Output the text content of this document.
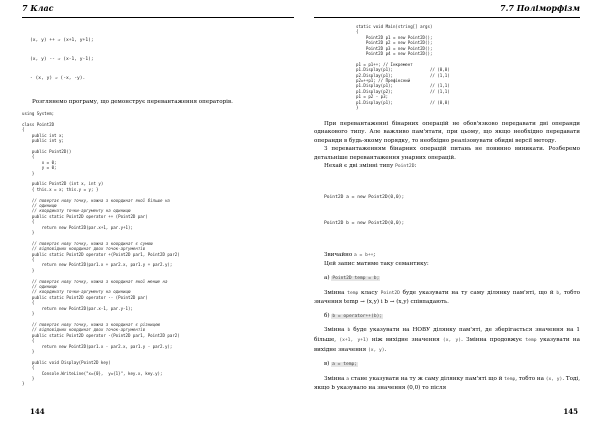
7 Клас

(x, y) ++ ⇒ (x+1, y+1);

(x, y) -- ⇒ (x-1, y-1);

- (x, y) ⇒ (-x, -y).

Розглянемо програму, що демонструє перевантаження операторів.

using System;

class Point2D
{
public int x;
public int y;

public Point2D()
{
x = 0;
y = 0;
}

public Point2D (int x, int y)
{ this.x = x; this.y = y; }

// повертає нову точку, кожна з координат якої більше на
// одиницю
// координату точки-аргументу на одиницю
public static Point2D operator ++ (Point2D par)
{
return new Point2D(par.x+1, par.y+1);
}

// повертає нову точку, кожна з координат є сумою
// відповідних координат двох точок-аргументів
public static Point2D operator +(Point2D par1, Point2D par2)
{
return new Point2D(par1.x + par2.x, par1.y + par2.y);
}

// повертає нову точку, кожна з координат якої менше на
// одиницю
// координату точки-аргументу на одиницю
public static Point2D operator -- (Point2D par)
{
return new Point2D(par.x-1, par.y-1);
}

// повертає нову точку, кожна з координат є різницею
// відповідних координат двох точок-аргументів
public static Point2D operator -(Point2D par1, Point2D par2)
{
return new Point2D(par1.x - par2.x, par1.y - par2.y);
}

public void Display(Point2D key)
{
Console.WriteLine("x={0},  y={1}", key.x, key.y);
}
}
144
7.7 Поліморфізм
static void Main(string[] args)
{
Point2D p1 = new Point2D();
Point2D p2 = new Point2D();
Point2D p3 = new Point2D();
Point2D p4 = new Point2D();

p1 = p1++; // Інкремент
p1.Display(p1);               // (0,0)
p2.Display(p1);               // (1,1)
p2=++p1; // Префіксний
p1.Display(p1);               // (1,1)
p1.Display(p2);               // (1,1)
p1 = p2 - p3;
p1.Display(p1);               // (0,0)
}

При перевантаженні бінарних операцій не обов'язково передавати дві операнди однакового типу. Але важливо пам'ятати, при цьому, що якщо необхідно передавати операнди в будь-якому порядку, то необхідно реалізовувати обидві версії методу.

З перевантаженням бінарних операцій питань не повинно виникати. Розберемо детальніше перевантаження унарних операцій.

Нехай є дві змінні типу Point2D:

Point2D a = new Point2D(0,0);

Point2D b = new Point2D(0,0);

Звичайно a = b++;

Цей запис матиме таку семантику:

а) Point2D temp = b;

Змінна temp класу Point2D буде указувати на ту саму ділянку пам'яті, що й b, тобто значення temp → (x,y) і b → (x,y) співпадають.

б) b = operator++(b);

Змінна b буде указувати на НОВУ ділянку пам'яті, де зберігається значення на 1 більше, (x+1, y+1) ніж вихідне значення (x, y). Змінна продовжує temp указувати на вихідне значення (x, y).

в) a = temp;

Змінна a стане указувати на ту ж саму ділянку пам'яті що й temp, тобто на (x, y). Тоді, якщо b указувало на значення (0,0) то після

145
